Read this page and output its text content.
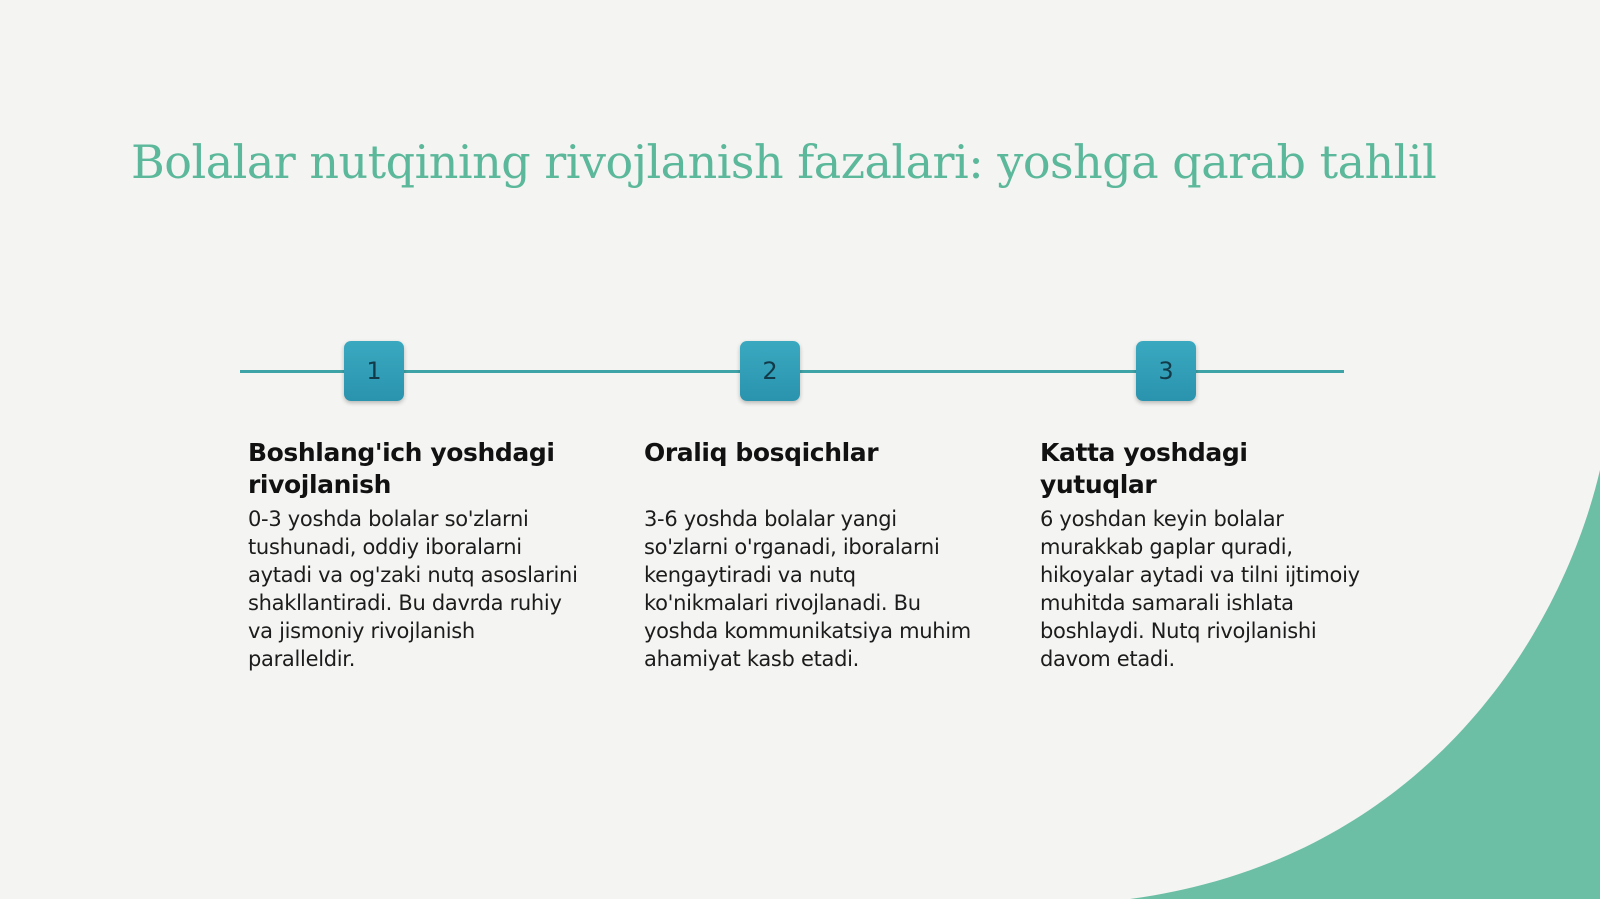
Bolalar nutqining rivojlanish fazalari: yoshga qarab tahlil
1	2	3
Boshlang'ich yoshdagi rivojlanish

0-3 yoshda bolalar so'zlarni tushunadi, oddiy iboralarni aytadi va og'zaki nutq asoslarini shakllantiradi. Bu davrda ruhiy va jismoniy rivojlanish paralleldir.

Oraliq bosqichlar

3-6 yoshda bolalar yangi so'zlarni o'rganadi, iboralarni kengaytiradi va nutq ko'nikmalari rivojlanadi. Bu yoshda kommunikatsiya muhim ahamiyat kasb etadi.

Katta yoshdagi yutuqlar

6 yoshdan keyin bolalar murakkab gaplar quradi, hikoyalar aytadi va tilni ijtimoiy muhitda samarali ishlata boshlaydi. Nutq rivojlanishi davom etadi.
